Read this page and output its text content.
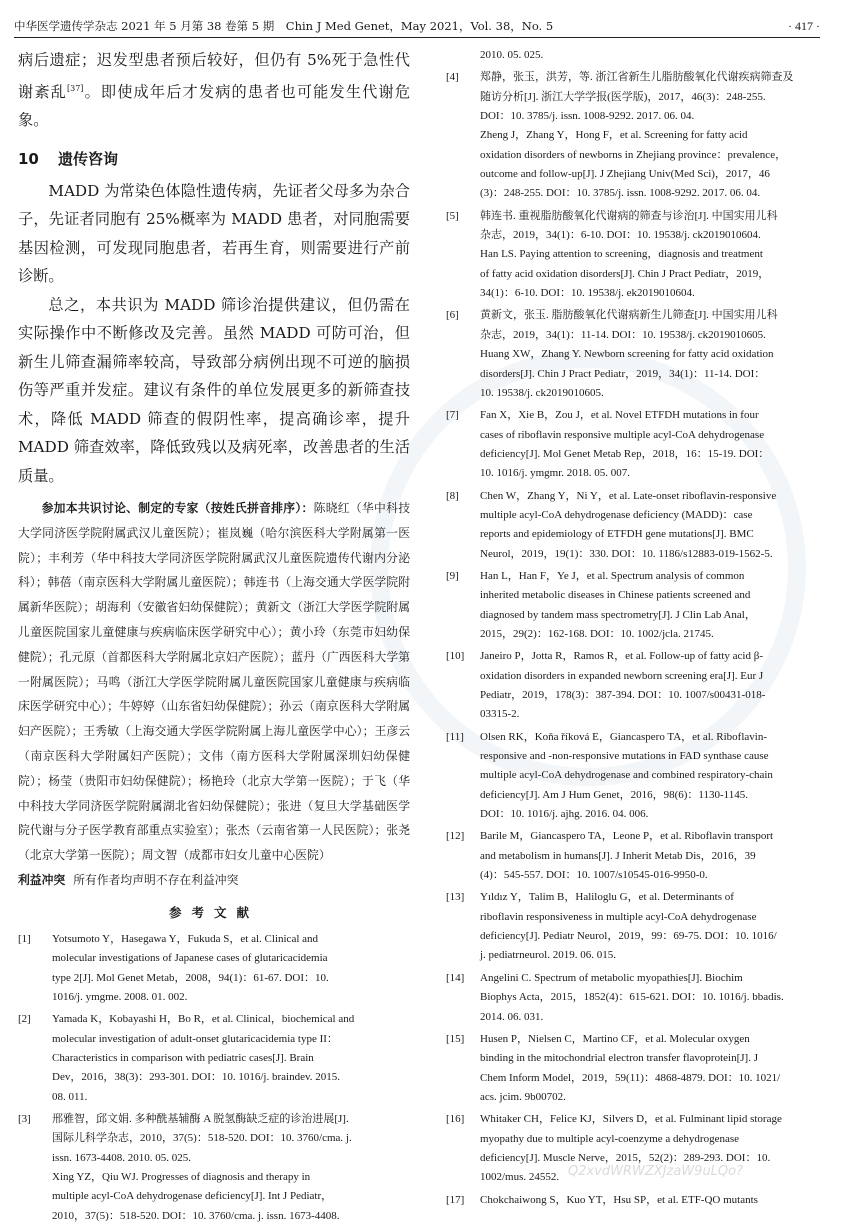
中华医学遗传学杂志 2021 年 5 月第 38 卷第 5 期　Chin J Med Genet，May 2021，Vol. 38，No. 5	· 417 ·

病后遗症；迟发型患者预后较好，但仍有 5%死于急性代谢紊乱[37]。即使成年后才发病的患者也可能发生代谢危象。

10 遗传咨询

MADD 为常染色体隐性遗传病，先证者父母多为杂合子，先证者同胞有 25%概率为 MADD 患者，对同胞需要基因检测，可发现同胞患者，若再生育，则需要进行产前诊断。

总之，本共识为 MADD 筛诊治提供建议，但仍需在实际操作中不断修改及完善。虽然 MADD 可防可治，但新生儿筛查漏筛率较高，导致部分病例出现不可逆的脑损伤等严重并发症。建议有条件的单位发展更多的新筛查技术，降低 MADD 筛查的假阴性率，提高确诊率，提升 MADD 筛查效率，降低致残以及病死率，改善患者的生活质量。

参加本共识讨论、制定的专家（按姓氏拼音排序）：陈晓红（华中科技大学同济医学院附属武汉儿童医院）；崔岚巍（哈尔滨医科大学附属第一医院）；丰利芳（华中科技大学同济医学院附属武汉儿童医院遗传代谢内分泌科）；韩蓓（南京医科大学附属儿童医院）；韩连书（上海交通大学医学院附属新华医院）；胡海利（安徽省妇幼保健院）；黄新文（浙江大学医学院附属儿童医院国家儿童健康与疾病临床医学研究中心）；黄小玲（东莞市妇幼保健院）；孔元原（首都医科大学附属北京妇产医院）；蓝丹（广西医科大学第一附属医院）；马鸣（浙江大学医学院附属儿童医院国家儿童健康与疾病临床医学研究中心）；牛婷婷（山东省妇幼保健院）；孙云（南京医科大学附属妇产医院）；王秀敏（上海交通大学医学院附属上海儿童医学中心）；王彦云（南京医科大学附属妇产医院）；文伟（南方医科大学附属深圳妇幼保健院）；杨莹（贵阳市妇幼保健院）；杨艳玲（北京大学第一医院）；于飞（华中科技大学同济医学院附属湖北省妇幼保健院）；张进（复旦大学基础医学院代谢与分子医学教育部重点实验室）；张杰（云南省第一人民医院）；张尧（北京大学第一医院）；周文智（成都市妇女儿童中心医院）

利益冲突 所有作者均声明不存在利益冲突

参考文献
[1]	Yotsumoto Y，Hasegawa Y，Fukuda S，et al. Clinical and
molecular investigations of Japanese cases of glutaricacidemia
type 2[J]. Mol Genet Metab，2008，94(1)：61-67. DOI：10.
1016/j. ymgme. 2008. 01. 002.
[2]	Yamada K，Kobayashi H，Bo R，et al. Clinical，biochemical and
molecular investigation of adult-onset glutaricacidemia type II：
Characteristics in comparison with pediatric cases[J]. Brain
Dev，2016，38(3)：293-301. DOI：10. 1016/j. braindev. 2015.
08. 011.
[3]	邢雅智，邱文娟. 多种酰基辅酶 A 脱氢酶缺乏症的诊治进展[J].
国际儿科学杂志，2010，37(5)：518-520. DOI：10. 3760/cma. j.
issn. 1673-4408. 2010. 05. 025.
Xing YZ，Qiu WJ. Progresses of diagnosis and therapy in
multiple acyl-CoA dehydrogenase deficiency[J]. Int J Pediatr，
2010，37(5)：518-520. DOI：10. 3760/cma. j. issn. 1673-4408.

2010. 05. 025.

[4]	郑静，张玉，洪芳，等. 浙江省新生儿脂肪酸氧化代谢疾病筛查及
随访分析[J]. 浙江大学学报(医学版)，2017，46(3)：248-255.
DOI：10. 3785/j. issn. 1008-9292. 2017. 06. 04.
Zheng J，Zhang Y，Hong F，et al. Screening for fatty acid
oxidation disorders of newborns in Zhejiang province：prevalence，
outcome and follow-up[J]. J Zhejiang Univ(Med Sci)，2017，46
(3)：248-255. DOI：10. 3785/j. issn. 1008-9292. 2017. 06. 04.
[5]	韩连书. 重视脂肪酸氧化代谢病的筛查与诊治[J]. 中国实用儿科
杂志，2019，34(1)：6-10. DOI：10. 19538/j. ck2019010604.
Han LS. Paying attention to screening，diagnosis and treatment
of fatty acid oxidation disorders[J]. Chin J Pract Pediatr，2019，
34(1)：6-10. DOI：10. 19538/j. ek2019010604.
[6]	黄新文，张玉. 脂肪酸氧化代谢病新生儿筛查[J]. 中国实用儿科
杂志，2019，34(1)：11-14. DOI：10. 19538/j. ck2019010605.
Huang XW，Zhang Y. Newborn screening for fatty acid oxidation
disorders[J]. Chin J Pract Pediatr，2019，34(1)：11-14. DOI：
10. 19538/j. ck2019010605.
[7]	Fan X，Xie B，Zou J，et al. Novel ETFDH mutations in four
cases of riboflavin responsive multiple acyl-CoA dehydrogenase
deficiency[J]. Mol Genet Metab Rep，2018，16：15-19. DOI：
10. 1016/j. ymgmr. 2018. 05. 007.
[8]	Chen W，Zhang Y，Ni Y，et al. Late-onset riboflavin-responsive
multiple acyl-CoA dehydrogenase deficiency (MADD)：case
reports and epidemiology of ETFDH gene mutations[J]. BMC
Neurol，2019，19(1)：330. DOI：10. 1186/s12883-019-1562-5.
[9]	Han L，Han F，Ye J，et al. Spectrum analysis of common
inherited metabolic diseases in Chinese patients screened and
diagnosed by tandem mass spectrometry[J]. J Clin Lab Anal，
2015，29(2)：162-168. DOI：10. 1002/jcla. 21745.
[10]	Janeiro P，Jotta R，Ramos R，et al. Follow-up of fatty acid β-
oxidation disorders in expanded newborn screening era[J]. Eur J
Pediatr，2019，178(3)：387-394. DOI：10. 1007/s00431-018-
03315-2.
[11]	Olsen RK，Koňa říková E，Giancaspero TA，et al. Riboflavin-
responsive and -non-responsive mutations in FAD synthase cause
multiple acyl-CoA dehydrogenase and combined respiratory-chain
deficiency[J]. Am J Hum Genet，2016，98(6)：1130-1145.
DOI：10. 1016/j. ajhg. 2016. 04. 006.
[12]	Barile M，Giancaspero TA，Leone P，et al. Riboflavin transport
and metabolism in humans[J]. J Inherit Metab Dis，2016，39
(4)：545-557. DOI：10. 1007/s10545-016-9950-0.
[13]	Yıldız Y，Talim B，Haliloglu G，et al. Determinants of
riboflavin responsiveness in multiple acyl-CoA dehydrogenase
deficiency[J]. Pediatr Neurol，2019，99：69-75. DOI：10. 1016/
j. pediatrneurol. 2019. 06. 015.
[14]	Angelini C. Spectrum of metabolic myopathies[J]. Biochim
Biophys Acta，2015，1852(4)：615-621. DOI：10. 1016/j. bbadis.
2014. 06. 031.
[15]	Husen P，Nielsen C，Martino CF，et al. Molecular oxygen
binding in the mitochondrial electron transfer flavoprotein[J]. J
Chem Inform Model，2019，59(11)：4868-4879. DOI：10. 1021/
acs. jcim. 9b00702.
[16]	Whitaker CH，Felice KJ，Silvers D，et al. Fulminant lipid storage
myopathy due to multiple acyl-coenzyme a dehydrogenase
deficiency[J]. Muscle Nerve，2015，52(2)：289-293. DOI：10.
1002/mus. 24552.
[17]	Chokchaiwong S，Kuo YT，Hsu SP，et al. ETF-QO mutants
Q2xvdWRWZXJzaW9uLQo?
